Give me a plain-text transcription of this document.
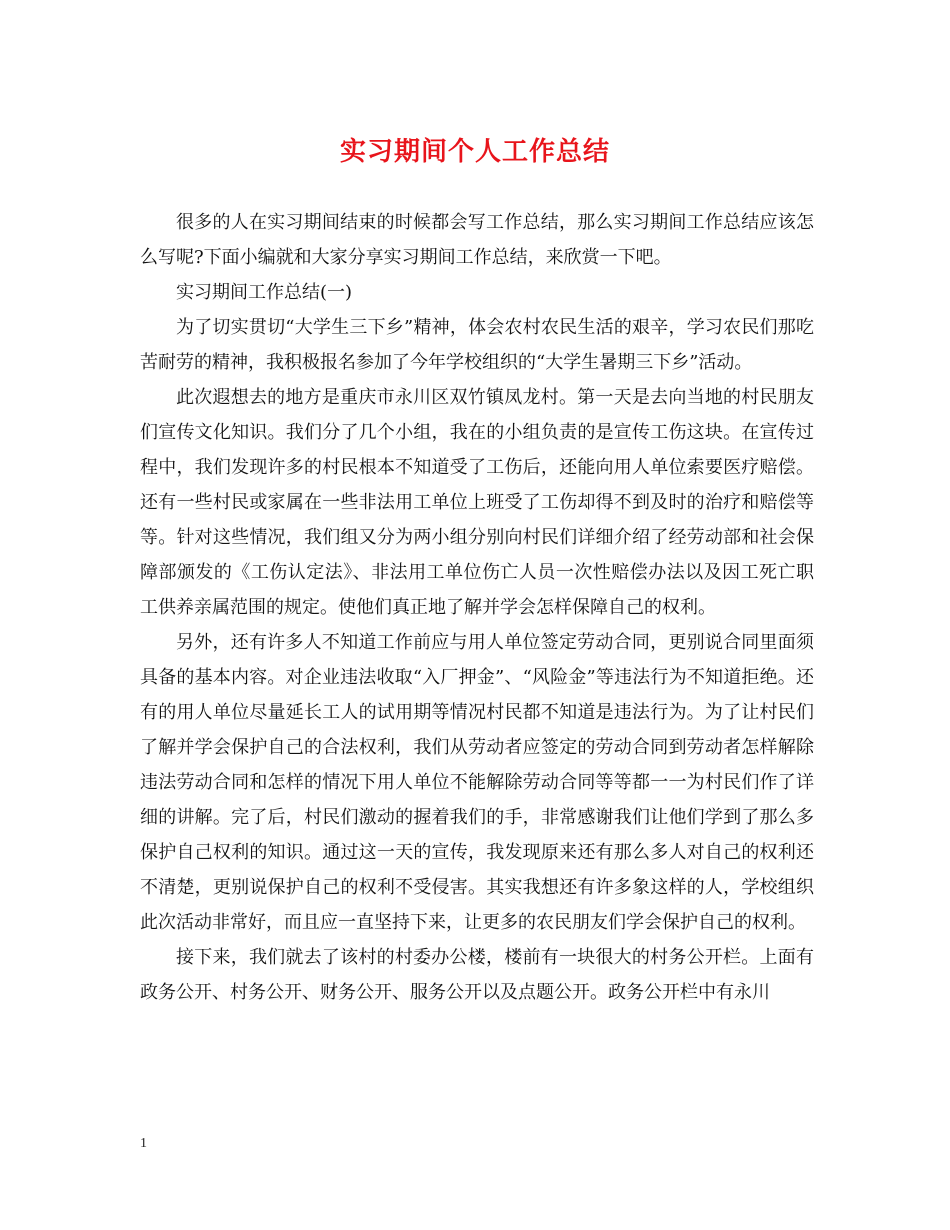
实习期间个人工作总结

很多的人在实习期间结束的时候都会写工作总结，那么实习期间工作总结应该怎么写呢?下面小编就和大家分享实习期间工作总结，来欣赏一下吧。

实习期间工作总结(一)

为了切实贯切“大学生三下乡”精神，体会农村农民生活的艰辛，学习农民们那吃苦耐劳的精神，我积极报名参加了今年学校组织的“大学生暑期三下乡”活动。

此次遐想去的地方是重庆市永川区双竹镇凤龙村。第一天是去向当地的村民朋友们宣传文化知识。我们分了几个小组，我在的小组负责的是宣传工伤这块。在宣传过程中，我们发现许多的村民根本不知道受了工伤后，还能向用人单位索要医疗赔偿。还有一些村民或家属在一些非法用工单位上班受了工伤却得不到及时的治疗和赔偿等等。针对这些情况，我们组又分为两小组分别向村民们详细介绍了经劳动部和社会保障部颁发的《工伤认定法》、非法用工单位伤亡人员一次性赔偿办法以及因工死亡职工供养亲属范围的规定。使他们真正地了解并学会怎样保障自己的权利。

另外，还有许多人不知道工作前应与用人单位签定劳动合同，更别说合同里面须具备的基本内容。对企业违法收取“入厂押金”、“风险金”等违法行为不知道拒绝。还有的用人单位尽量延长工人的试用期等情况村民都不知道是违法行为。为了让村民们了解并学会保护自己的合法权利，我们从劳动者应签定的劳动合同到劳动者怎样解除违法劳动合同和怎样的情况下用人单位不能解除劳动合同等等都一一为村民们作了详细的讲解。完了后，村民们激动的握着我们的手，非常感谢我们让他们学到了那么多保护自己权利的知识。通过这一天的宣传，我发现原来还有那么多人对自己的权利还不清楚，更别说保护自己的权利不受侵害。其实我想还有许多象这样的人，学校组织此次活动非常好，而且应一直坚持下来，让更多的农民朋友们学会保护自己的权利。

接下来，我们就去了该村的村委办公楼，楼前有一块很大的村务公开栏。上面有政务公开、村务公开、财务公开、服务公开以及点题公开。政务公开栏中有永川

1
